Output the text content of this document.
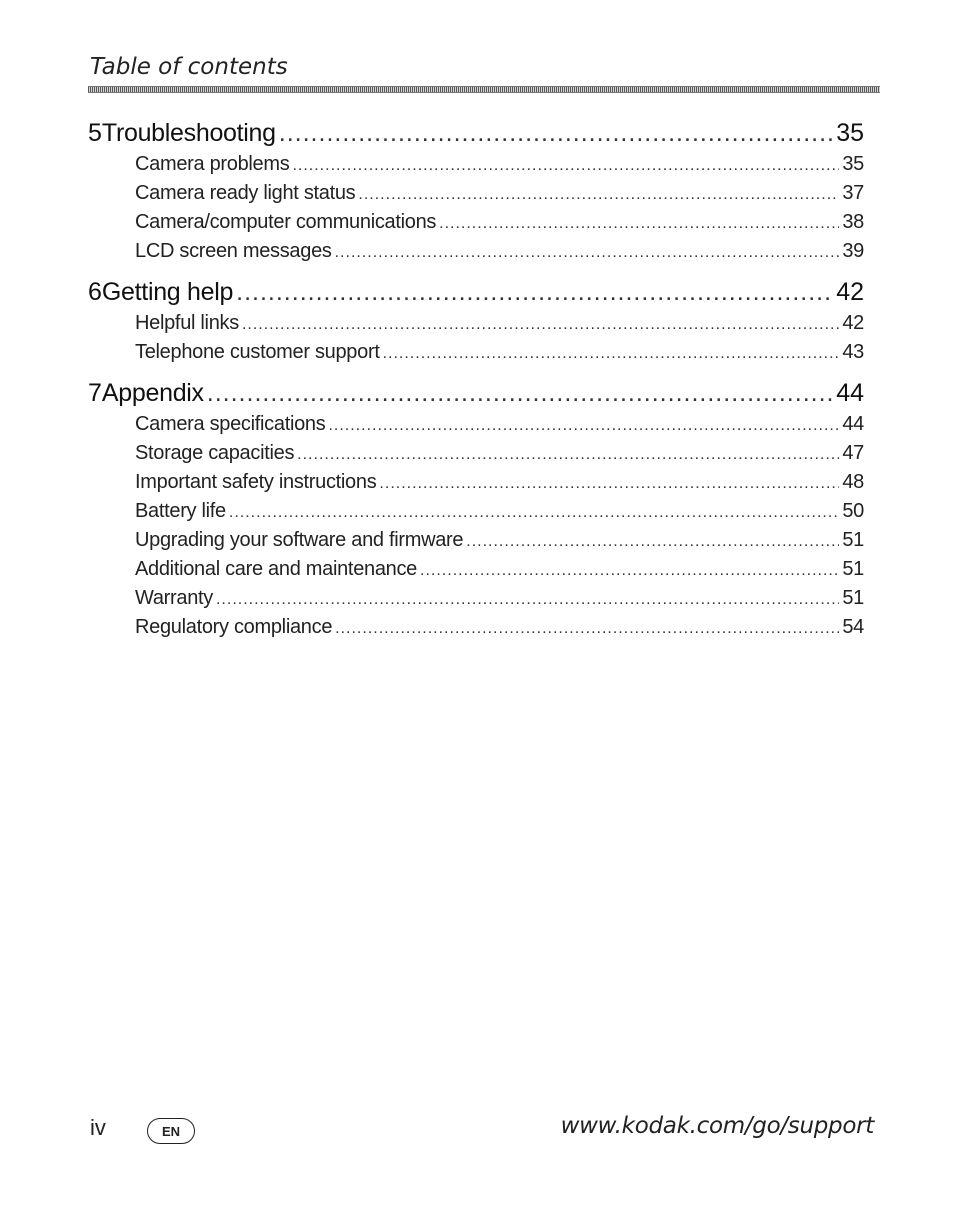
Table of contents
5 Troubleshooting .....	35
Camera problems .....	35
Camera ready light status .....	37
Camera/computer communications .....	38
LCD screen messages .....	39
6 Getting help .....	42
Helpful links .....	42
Telephone customer support .....	43
7 Appendix .....	44
Camera specifications .....	44
Storage capacities .....	47
Important safety instructions .....	48
Battery life .....	50
Upgrading your software and firmware .....	51
Additional care and maintenance .....	51
Warranty .....	51
Regulatory compliance .....	54
iv	EN	www.kodak.com/go/support
